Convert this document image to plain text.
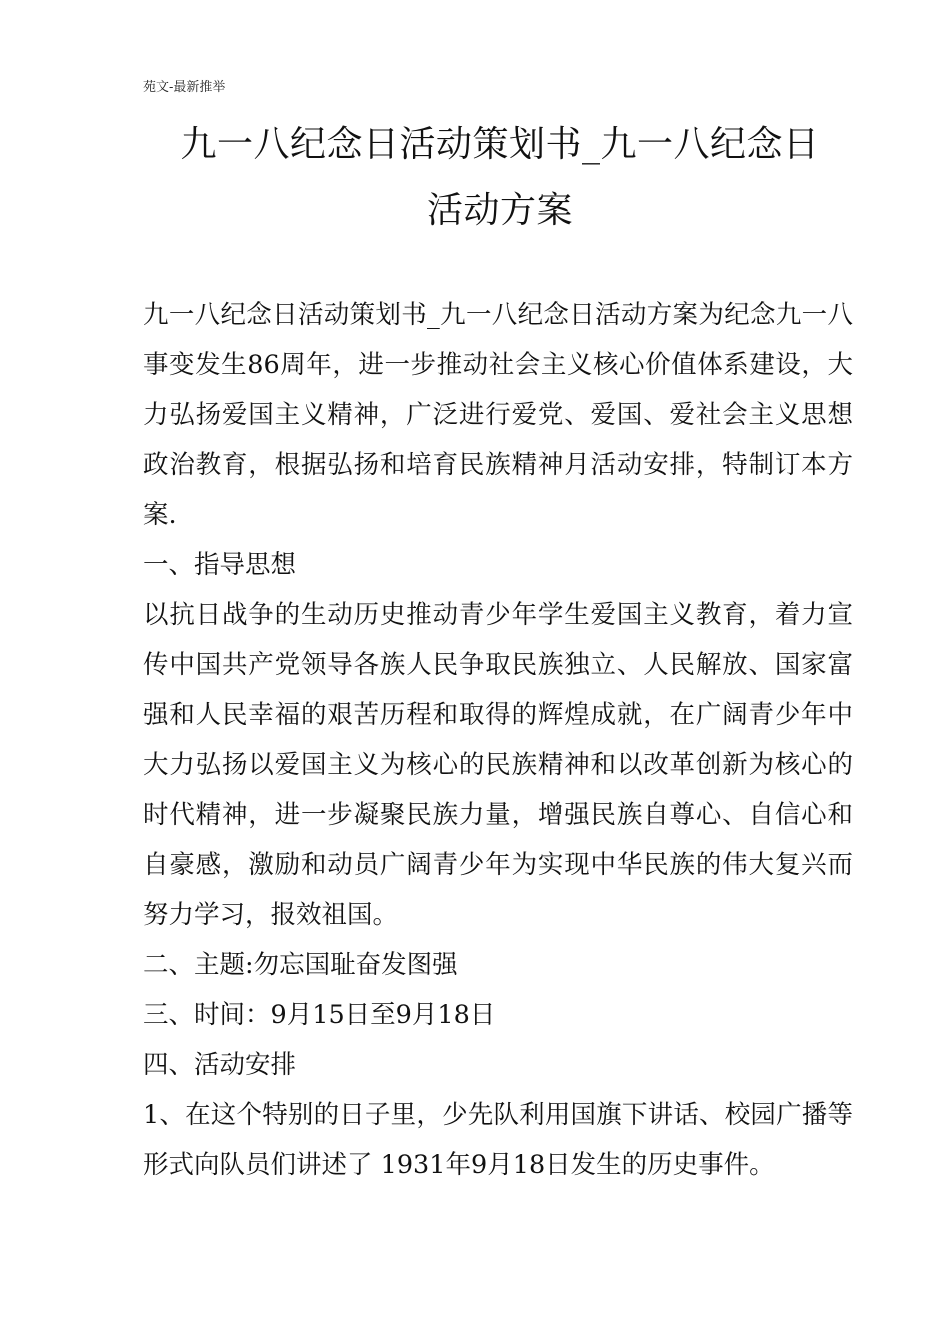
苑文-最新推举
九一八纪念日活动策划书_九一八纪念日
活动方案

九一八纪念日活动策划书_九一八纪念日活动方案为纪念九一八事变发生86周年，进一步推动社会主义核心价值体系建设，大力弘扬爱国主义精神，广泛进行爱党、爱国、爱社会主义思想政治教育，根据弘扬和培育民族精神月活动安排，特制订本方案.

一、指导思想

以抗日战争的生动历史推动青少年学生爱国主义教育，着力宣传中国共产党领导各族人民争取民族独立、人民解放、国家富强和人民幸福的艰苦历程和取得的辉煌成就，在广阔青少年中大力弘扬以爱国主义为核心的民族精神和以改革创新为核心的时代精神，进一步凝聚民族力量，增强民族自尊心、自信心和自豪感，激励和动员广阔青少年为实现中华民族的伟大复兴而努力学习，报效祖国。

二、主题:勿忘国耻奋发图强

三、时间：9月15日至9月18日

四、活动安排

1、在这个特别的日子里，少先队利用国旗下讲话、校园广播等形式向队员们讲述了 1931年9月18日发生的历史事件。
